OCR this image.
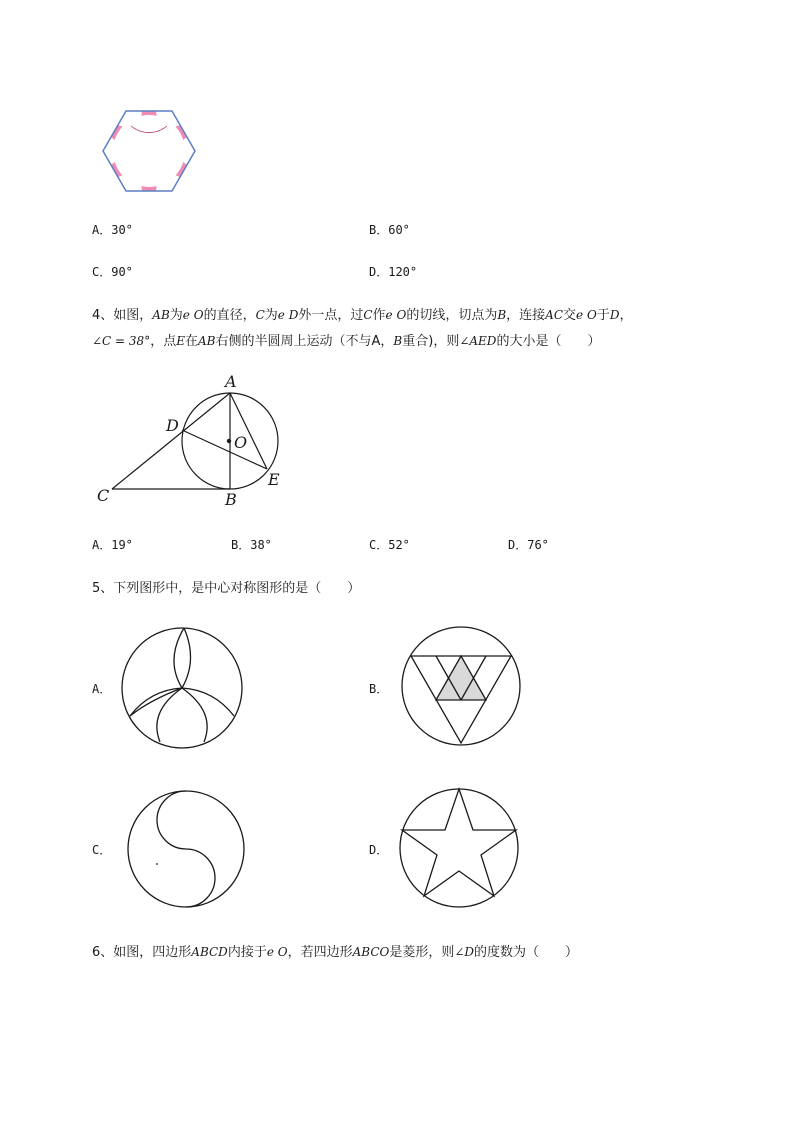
A．30°	B．60°
C．90°	D．120°
4、如图，AB为e O的直径，C为e D外一点，过C作e O的切线，切点为B，连接AC交e O于D，
∠C = 38°，点E在AB右侧的半圆周上运动（不与A，B重合)，则∠AED的大小是（　　）
A
D
O
E
C	B
A．19°	B．38°	C．52°	D．76°
5、下列图形中，是中心对称图形的是（　　）
A．	B．
C．	D．
6、如图，四边形ABCD内接于e O，若四边形ABCO是菱形，则∠D的度数为（　　）
